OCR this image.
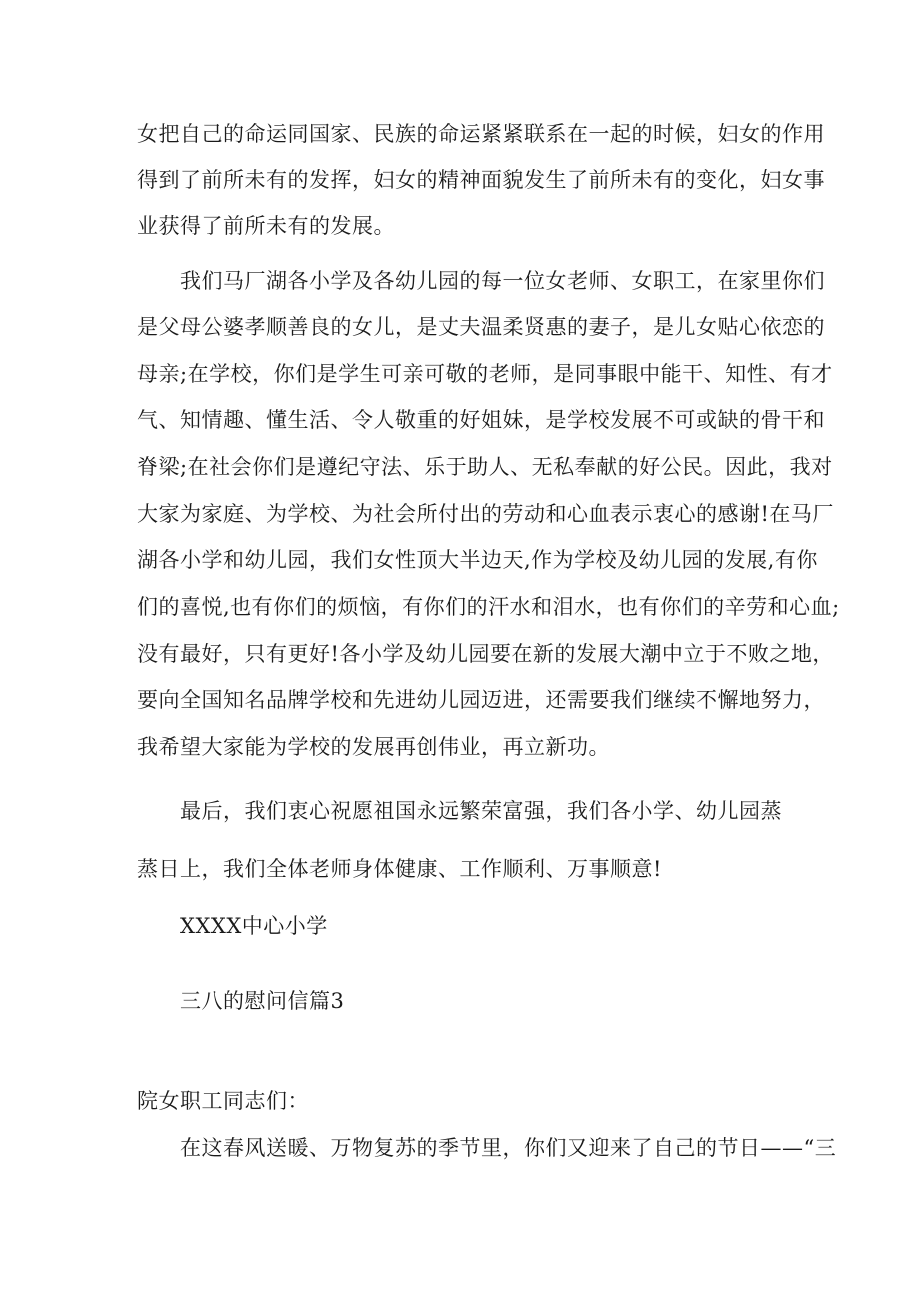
女把自己的命运同国家、民族的命运紧紧联系在一起的时候，妇女的作用
得到了前所未有的发挥，妇女的精神面貌发生了前所未有的变化，妇女事
业获得了前所未有的发展。
我们马厂湖各小学及各幼儿园的每一位女老师、女职工，在家里你们
是父母公婆孝顺善良的女儿，是丈夫温柔贤惠的妻子，是儿女贴心依恋的
母亲;在学校，你们是学生可亲可敬的老师，是同事眼中能干、知性、有才
气、知情趣、懂生活、令人敬重的好姐妹，是学校发展不可或缺的骨干和
脊梁;在社会你们是遵纪守法、乐于助人、无私奉献的好公民。因此，我对
大家为家庭、为学校、为社会所付出的劳动和心血表示衷心的感谢!在马厂
湖各小学和幼儿园，我们女性顶大半边天,作为学校及幼儿园的发展,有你
们的喜悦,也有你们的烦恼，有你们的汗水和泪水，也有你们的辛劳和心血;
没有最好，只有更好!各小学及幼儿园要在新的发展大潮中立于不败之地，
要向全国知名品牌学校和先进幼儿园迈进，还需要我们继续不懈地努力，
我希望大家能为学校的发展再创伟业，再立新功。
最后，我们衷心祝愿祖国永远繁荣富强，我们各小学、幼儿园蒸
蒸日上，我们全体老师身体健康、工作顺利、万事顺意!
XXXX中心小学
三八的慰问信篇3
院女职工同志们：
在这春风送暖、万物复苏的季节里，你们又迎来了自己的节日——“三
